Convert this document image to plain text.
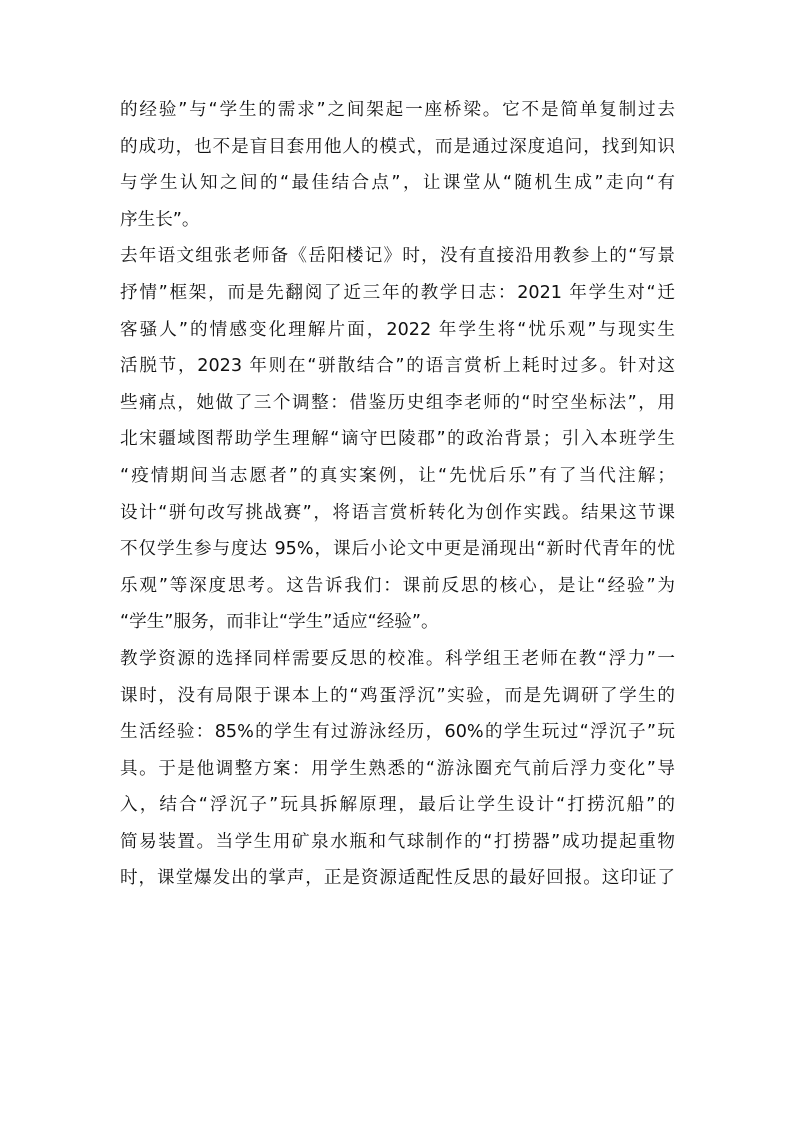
的经验”与“学生的需求”之间架起一座桥梁。它不是简单复制过去
的成功，也不是盲目套用他人的模式，而是通过深度追问，找到知识
与学生认知之间的“最佳结合点”，让课堂从“随机生成”走向“有
序生长”。
去年语文组张老师备《岳阳楼记》时，没有直接沿用教参上的“写景
抒情”框架，而是先翻阅了近三年的教学日志：2021 年学生对“迁
客骚人”的情感变化理解片面，2022 年学生将“忧乐观”与现实生
活脱节，2023 年则在“骈散结合”的语言赏析上耗时过多。针对这
些痛点，她做了三个调整：借鉴历史组李老师的“时空坐标法”，用
北宋疆域图帮助学生理解“谪守巴陵郡”的政治背景；引入本班学生
“疫情期间当志愿者”的真实案例，让“先忧后乐”有了当代注解；
设计“骈句改写挑战赛”，将语言赏析转化为创作实践。结果这节课
不仅学生参与度达 95%，课后小论文中更是涌现出“新时代青年的忧
乐观”等深度思考。这告诉我们：课前反思的核心，是让“经验”为
“学生”服务，而非让“学生”适应“经验”。
教学资源的选择同样需要反思的校准。科学组王老师在教“浮力”一
课时，没有局限于课本上的“鸡蛋浮沉”实验，而是先调研了学生的
生活经验：85%的学生有过游泳经历，60%的学生玩过“浮沉子”玩
具。于是他调整方案：用学生熟悉的“游泳圈充气前后浮力变化”导
入，结合“浮沉子”玩具拆解原理，最后让学生设计“打捞沉船”的
简易装置。当学生用矿泉水瓶和气球制作的“打捞器”成功提起重物
时，课堂爆发出的掌声，正是资源适配性反思的最好回报。这印证了
